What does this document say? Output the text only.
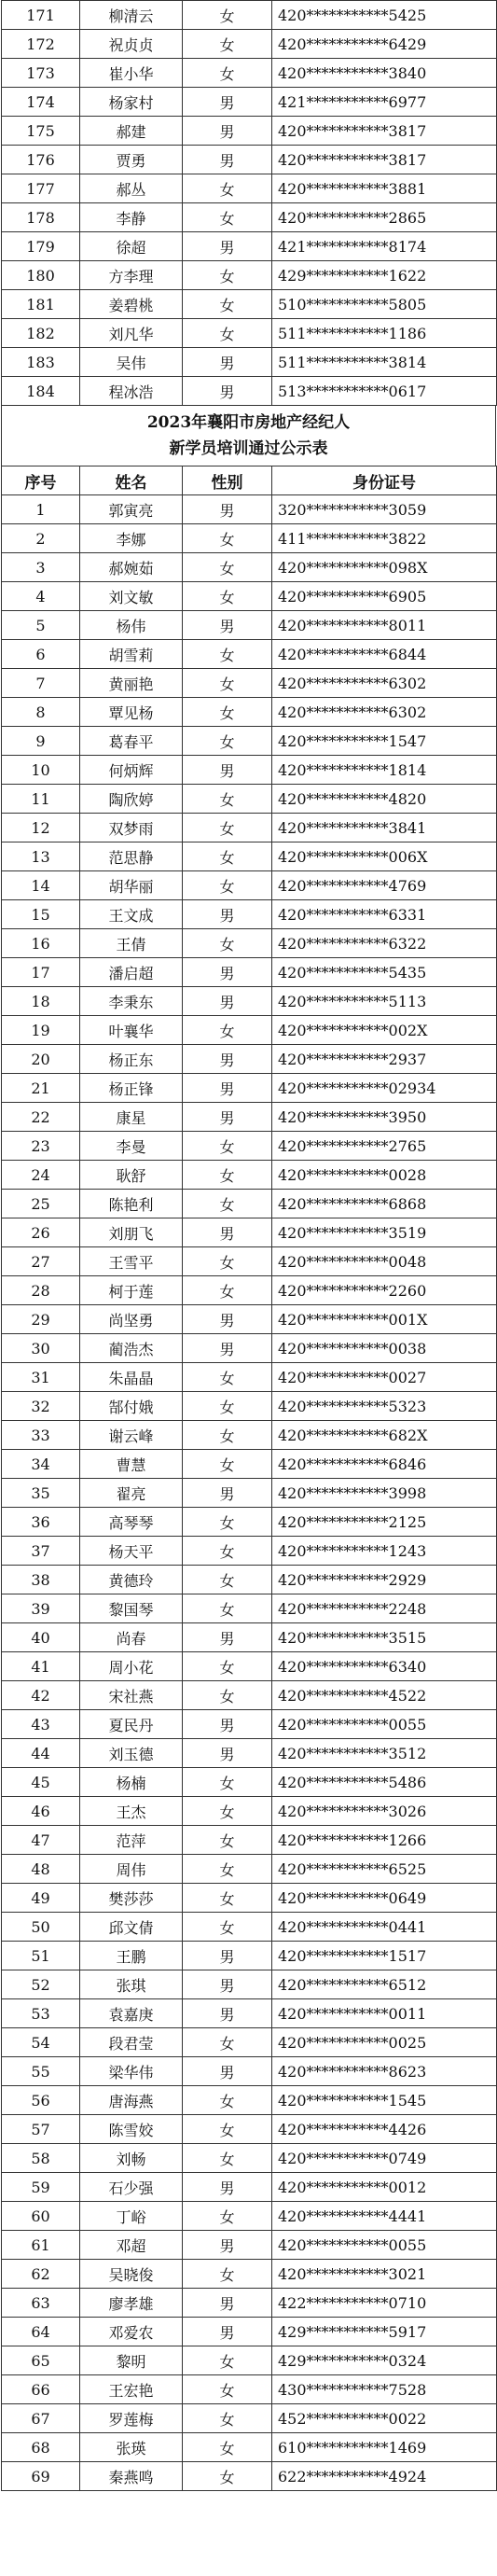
171	柳清云	女	420***********5425
172	祝贞贞	女	420***********6429
173	崔小华	女	420***********3840
174	杨家村	男	421***********6977
175	郝建	男	420***********3817
176	贾勇	男	420***********3817
177	郝丛	女	420***********3881
178	李静	女	420***********2865
179	徐超	男	421***********8174
180	方李理	女	429***********1622
181	姜碧桃	女	510***********5805
182	刘凡华	女	511***********1186
183	吴伟	男	511***********3814
184	程冰浩	男	513***********0617
2023年襄阳市房地产经纪人
新学员培训通过公示表
序号	姓名	性别	身份证号
1	郭寅亮	男	320***********3059
2	李娜	女	411***********3822
3	郝婉茹	女	420***********098X
4	刘文敏	女	420***********6905
5	杨伟	男	420***********8011
6	胡雪莉	女	420***********6844
7	黄丽艳	女	420***********6302
8	覃见杨	女	420***********6302
9	葛春平	女	420***********1547
10	何炳辉	男	420***********1814
11	陶欣婷	女	420***********4820
12	双梦雨	女	420***********3841
13	范思静	女	420***********006X
14	胡华丽	女	420***********4769
15	王文成	男	420***********6331
16	王倩	女	420***********6322
17	潘启超	男	420***********5435
18	李秉东	男	420***********5113
19	叶襄华	女	420***********002X
20	杨正东	男	420***********2937
21	杨正锋	男	420***********02934
22	康星	男	420***********3950
23	李曼	女	420***********2765
24	耿舒	女	420***********0028
25	陈艳利	女	420***********6868
26	刘朋飞	男	420***********3519
27	王雪平	女	420***********0048
28	柯于莲	女	420***********2260
29	尚坚勇	男	420***********001X
30	蔺浩杰	男	420***********0038
31	朱晶晶	女	420***********0027
32	郜付娥	女	420***********5323
33	谢云峰	女	420***********682X
34	曹慧	女	420***********6846
35	翟亮	男	420***********3998
36	高琴琴	女	420***********2125
37	杨天平	女	420***********1243
38	黄德玲	女	420***********2929
39	黎国琴	女	420***********2248
40	尚春	男	420***********3515
41	周小花	女	420***********6340
42	宋社燕	女	420***********4522
43	夏民丹	男	420***********0055
44	刘玉德	男	420***********3512
45	杨楠	女	420***********5486
46	王杰	女	420***********3026
47	范萍	女	420***********1266
48	周伟	女	420***********6525
49	樊莎莎	女	420***********0649
50	邱文倩	女	420***********0441
51	王鹏	男	420***********1517
52	张琪	男	420***********6512
53	袁嘉庚	男	420***********0011
54	段君莹	女	420***********0025
55	梁华伟	男	420***********8623
56	唐海燕	女	420***********1545
57	陈雪姣	女	420***********4426
58	刘畅	女	420***********0749
59	石少强	男	420***********0012
60	丁峪	女	420***********4441
61	邓超	男	420***********0055
62	吴晓俊	女	420***********3021
63	廖孝雄	男	422***********0710
64	邓爱农	男	429***********5917
65	黎明	女	429***********0324
66	王宏艳	女	430***********7528
67	罗莲梅	女	452***********0022
68	张瑛	女	610***********1469
69	秦燕鸣	女	622***********4924
